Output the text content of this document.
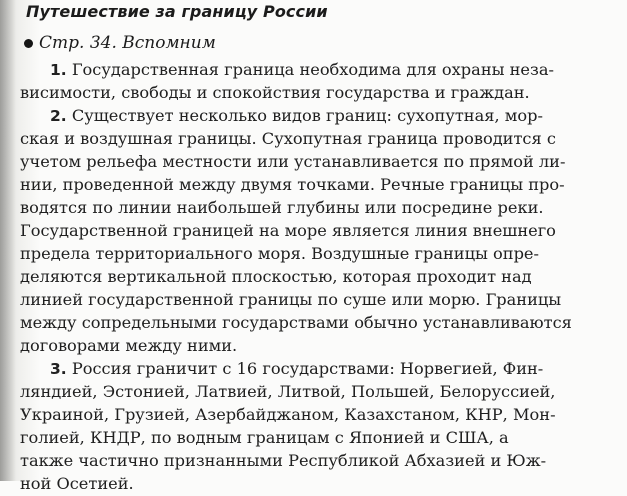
Путешествие за границу России
Стр. 34. Вспомним
1. Государственная граница необходима для охраны неза-
висимости, свободы и спокойствия государства и граждан.
2. Существует несколько видов границ: сухопутная, мор-
ская и воздушная границы. Сухопутная граница проводится с
учетом рельефа местности или устанавливается по прямой ли-
нии, проведенной между двумя точками. Речные границы про-
водятся по линии наибольшей глубины или посредине реки.
Государственной границей на море является линия внешнего
предела территориального моря. Воздушные границы опре-
деляются вертикальной плоскостью, которая проходит над
линией государственной границы по суше или морю. Границы
между сопредельными государствами обычно устанавливаются
договорами между ними.
3. Россия граничит с 16 государствами: Норвегией, Фин-
ляндией, Эстонией, Латвией, Литвой, Польшей, Белоруссией,
Украиной, Грузией, Азербайджаном, Казахстаном, КНР, Мон-
голией, КНДР, по водным границам с Японией и США, а
также частично признанными Республикой Абхазией и Юж-
ной Осетией.
